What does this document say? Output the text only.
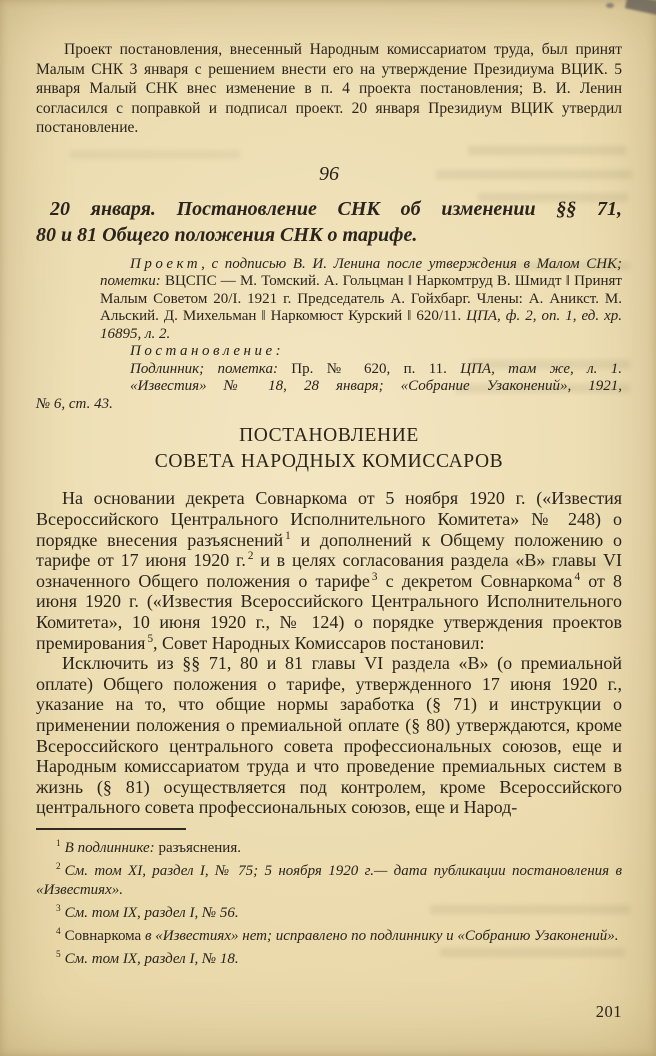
Проект постановления, внесенный Народным комиссариатом труда, был принят Малым СНК 3 января с решением внести его на утверждение Президиума ВЦИК. 5 января Малый СНК внес изменение в п. 4 проекта постановления; В. И. Ленин согласился с поправкой и подписал проект. 20 января Президиум ВЦИК утвердил постановление.

96
20 января. Постановление СНК об изменении §§ 71,
80 и 81 Общего положения СНК о тарифе.

Проект, с подписью В. И. Ленина после утверждения в Малом СНК; пометки: ВЦСПС — М. Томский. А. Гольцман ‖ Наркомтруд В. Шмидт ‖ Принят Малым Советом 20/I. 1921 г. Председатель А. Гойхбарг. Члены: А. Аникст. М. Альский. Д. Михельман ‖ Наркомюст Курский ‖ 620/11. ЦПА, ф. 2, оп. 1, ед. хр. 16895, л. 2.

Постановление:

Подлинник; пометка: Пр. № 620, п. 11. ЦПА, там же, л. 1.

«Известия» № 18, 28 января; «Собрание Узаконений», 1921,

№ 6, ст. 43.

ПОСТАНОВЛЕНИЕ
СОВЕТА НАРОДНЫХ КОМИССАРОВ

На основании декрета Совнаркома от 5 ноября 1920 г. («Известия Всероссийского Центрального Исполнительного Комитета» № 248) о порядке внесения разъяснений $^1$ и дополнений к Общему положению о тарифе от 17 июня 1920 г. $^2$ и в целях согласования раздела «В» главы VI означенного Общего положения о тарифе $^3$ с декретом Совнаркома $^4$ от 8 июня 1920 г. («Известия Всероссийского Центрального Исполнительного Комитета», 10 июня 1920 г., № 124) о порядке утверждения проектов премирования $^5$, Совет Народных Комиссаров постановил:

Исключить из §§ 71, 80 и 81 главы VI раздела «В» (о премиальной оплате) Общего положения о тарифе, утвержденного 17 июня 1920 г., указание на то, что общие нормы заработка (§ 71) и инструкции о применении положения о премиальной оплате (§ 80) утверждаются, кроме Всероссийского центрального совета профессиональных союзов, еще и Народным комиссариатом труда и что проведение премиальных систем в жизнь (§ 81) осуществляется под контролем, кроме Всероссийского центрального совета профессиональных союзов, еще и Народ-

$^1$ В подлиннике: разъяснения.

$^2$ См. том XI, раздел I, № 75; 5 ноября 1920 г.— дата публикации постановления в «Известиях».

$^3$ См. том IX, раздел I, № 56.

$^4$ Совнаркома в «Известиях» нет; исправлено по подлиннику и «Собранию Узаконений».

$^5$ См. том IX, раздел I, № 18.

201
